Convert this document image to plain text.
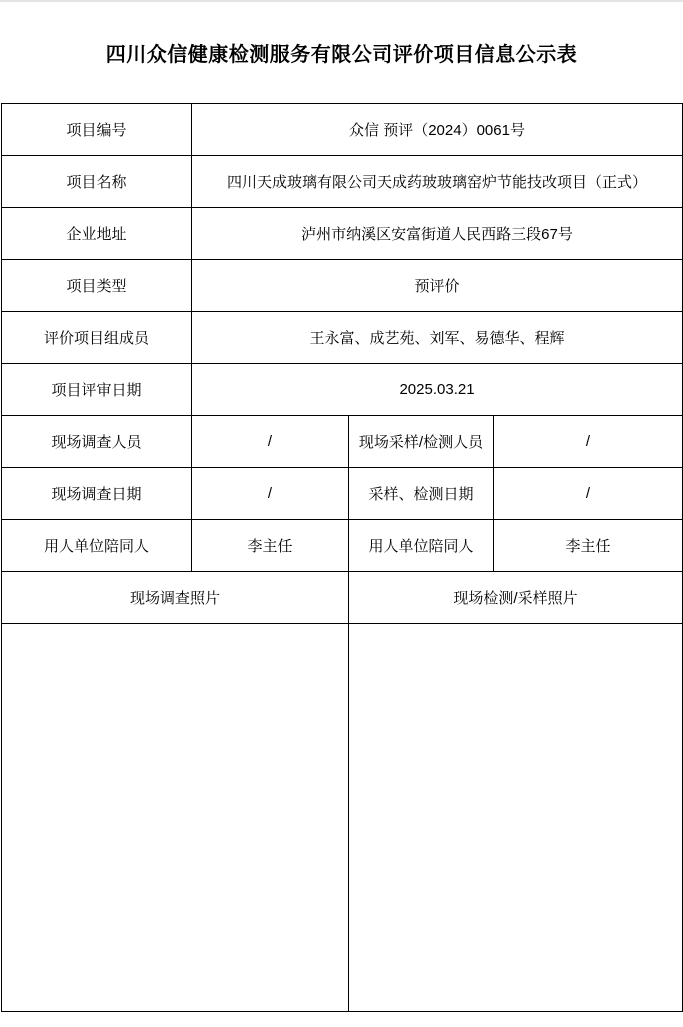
四川众信健康检测服务有限公司评价项目信息公示表
项目编号	众信 预评（2024）0061号		
项目名称	四川天成玻璃有限公司天成药玻玻璃窑炉节能技改项目（正式）		
企业地址	泸州市纳溪区安富街道人民西路三段67号		
项目类型	预评价		
评价项目组成员	王永富、成艺苑、刘军、易德华、程辉		
项目评审日期	2025.03.21		
现场调查人员	/	现场采样/检测人员	/
现场调查日期	/	采样、检测日期	/
用人单位陪同人	李主任	用人单位陪同人	李主任
现场调查照片		现场检测/采样照片	
